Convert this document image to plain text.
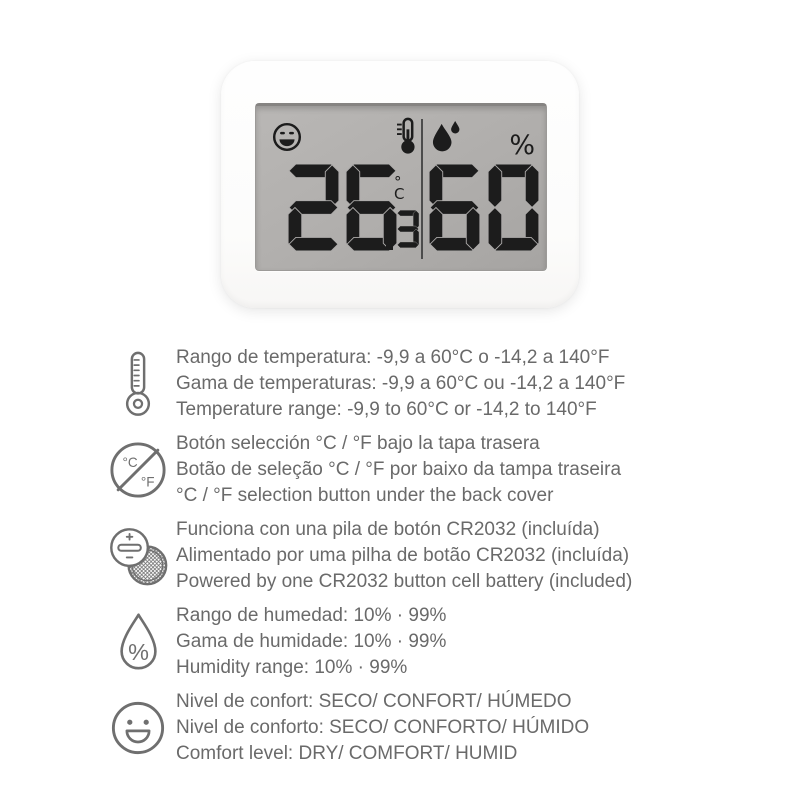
°C
%
Rango de temperatura: -9,9 a 60°C o -14,2 a 140°F
Gama de temperaturas: -9,9 a 60°C ou -14,2 a 140°F
Temperature range: -9,9 to 60°C or -14,2 to 140°F
°C
°F
Botón selección °C / °F bajo la tapa trasera
Botão de seleção °C / °F por baixo da tampa traseira
°C / °F selection button under the back cover
Funciona con una pila de botón CR2032 (incluída)
Alimentado por uma pilha de botão CR2032 (incluída)
Powered by one CR2032 button cell battery (included)
%
Rango de humedad: 10% · 99%
Gama de humidade: 10% · 99%
Humidity range: 10% · 99%
Nivel de confort: SECO/ CONFORT/ HÚMEDO
Nivel de conforto: SECO/ CONFORTO/ HÚMIDO
Comfort level: DRY/ COMFORT/ HUMID
